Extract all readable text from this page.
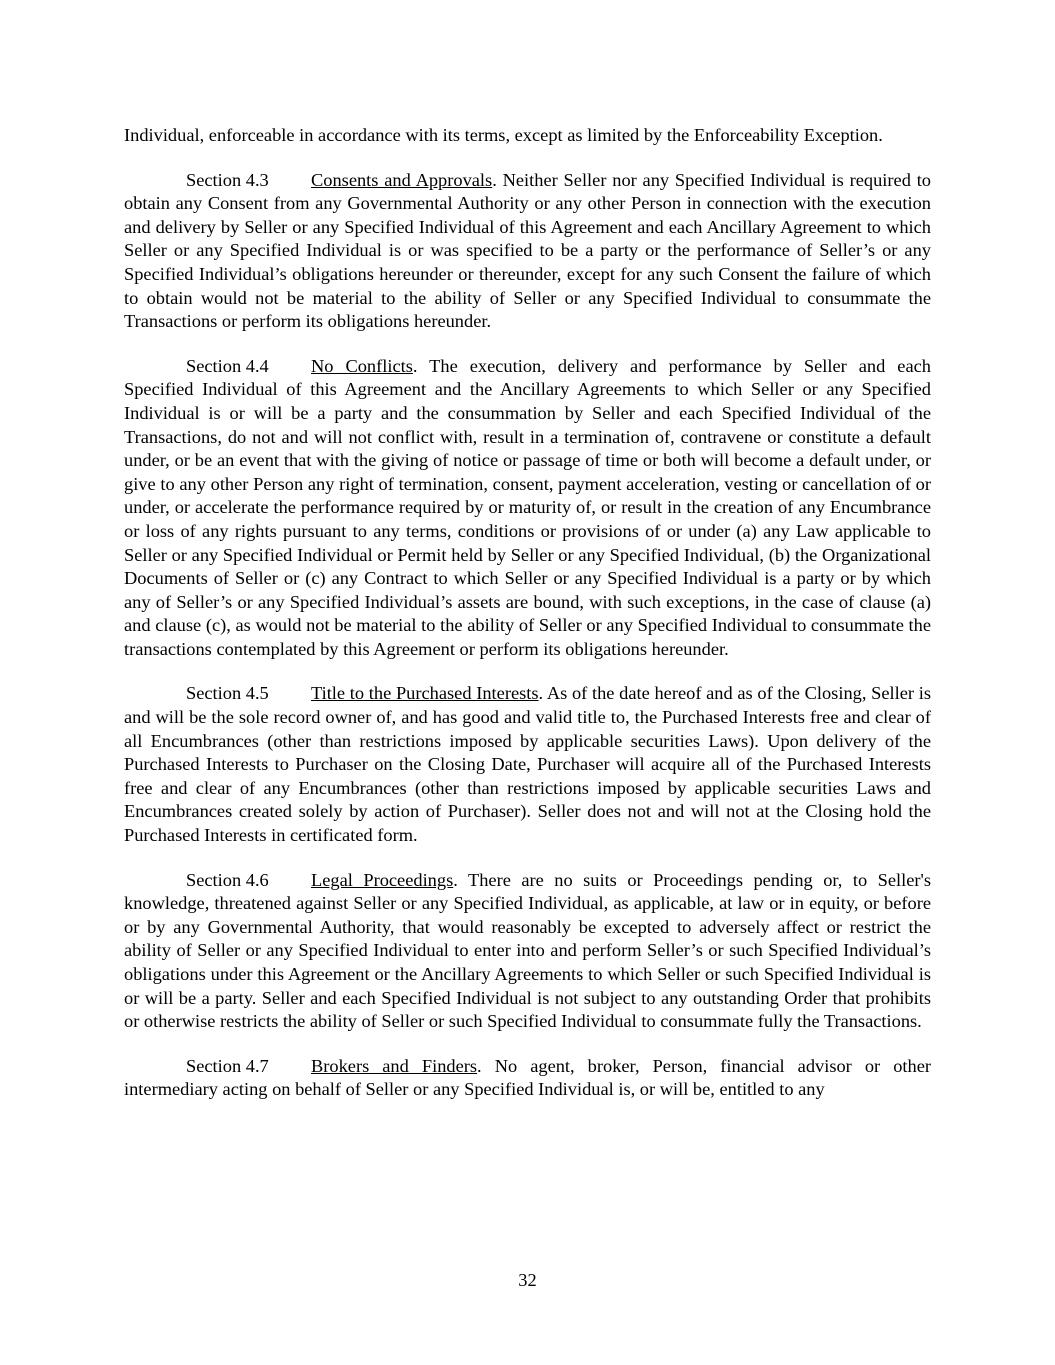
Individual, enforceable in accordance with its terms, except as limited by the Enforceability Exception.

Section 4.3 Consents and Approvals. Neither Seller nor any Specified Individual is required to obtain any Consent from any Governmental Authority or any other Person in connection with the execution and delivery by Seller or any Specified Individual of this Agreement and each Ancillary Agreement to which Seller or any Specified Individual is or was specified to be a party or the performance of Seller’s or any Specified Individual’s obligations hereunder or thereunder, except for any such Consent the failure of which to obtain would not be material to the ability of Seller or any Specified Individual to consummate the Transactions or perform its obligations hereunder.

Section 4.4 No Conflicts. The execution, delivery and performance by Seller and each Specified Individual of this Agreement and the Ancillary Agreements to which Seller or any Specified Individual is or will be a party and the consummation by Seller and each Specified Individual of the Transactions, do not and will not conflict with, result in a termination of, contravene or constitute a default under, or be an event that with the giving of notice or passage of time or both will become a default under, or give to any other Person any right of termination, consent, payment acceleration, vesting or cancellation of or under, or accelerate the performance required by or maturity of, or result in the creation of any Encumbrance or loss of any rights pursuant to any terms, conditions or provisions of or under (a) any Law applicable to Seller or any Specified Individual or Permit held by Seller or any Specified Individual, (b) the Organizational Documents of Seller or (c) any Contract to which Seller or any Specified Individual is a party or by which any of Seller’s or any Specified Individual’s assets are bound, with such exceptions, in the case of clause (a) and clause (c), as would not be material to the ability of Seller or any Specified Individual to consummate the transactions contemplated by this Agreement or perform its obligations hereunder.

Section 4.5 Title to the Purchased Interests. As of the date hereof and as of the Closing, Seller is and will be the sole record owner of, and has good and valid title to, the Purchased Interests free and clear of all Encumbrances (other than restrictions imposed by applicable securities Laws). Upon delivery of the Purchased Interests to Purchaser on the Closing Date, Purchaser will acquire all of the Purchased Interests free and clear of any Encumbrances (other than restrictions imposed by applicable securities Laws and Encumbrances created solely by action of Purchaser). Seller does not and will not at the Closing hold the Purchased Interests in certificated form.

Section 4.6 Legal Proceedings. There are no suits or Proceedings pending or, to Seller's knowledge, threatened against Seller or any Specified Individual, as applicable, at law or in equity, or before or by any Governmental Authority, that would reasonably be excepted to adversely affect or restrict the ability of Seller or any Specified Individual to enter into and perform Seller’s or such Specified Individual’s obligations under this Agreement or the Ancillary Agreements to which Seller or such Specified Individual is or will be a party. Seller and each Specified Individual is not subject to any outstanding Order that prohibits or otherwise restricts the ability of Seller or such Specified Individual to consummate fully the Transactions.

Section 4.7 Brokers and Finders. No agent, broker, Person, financial advisor or other intermediary acting on behalf of Seller or any Specified Individual is, or will be, entitled to any

32
